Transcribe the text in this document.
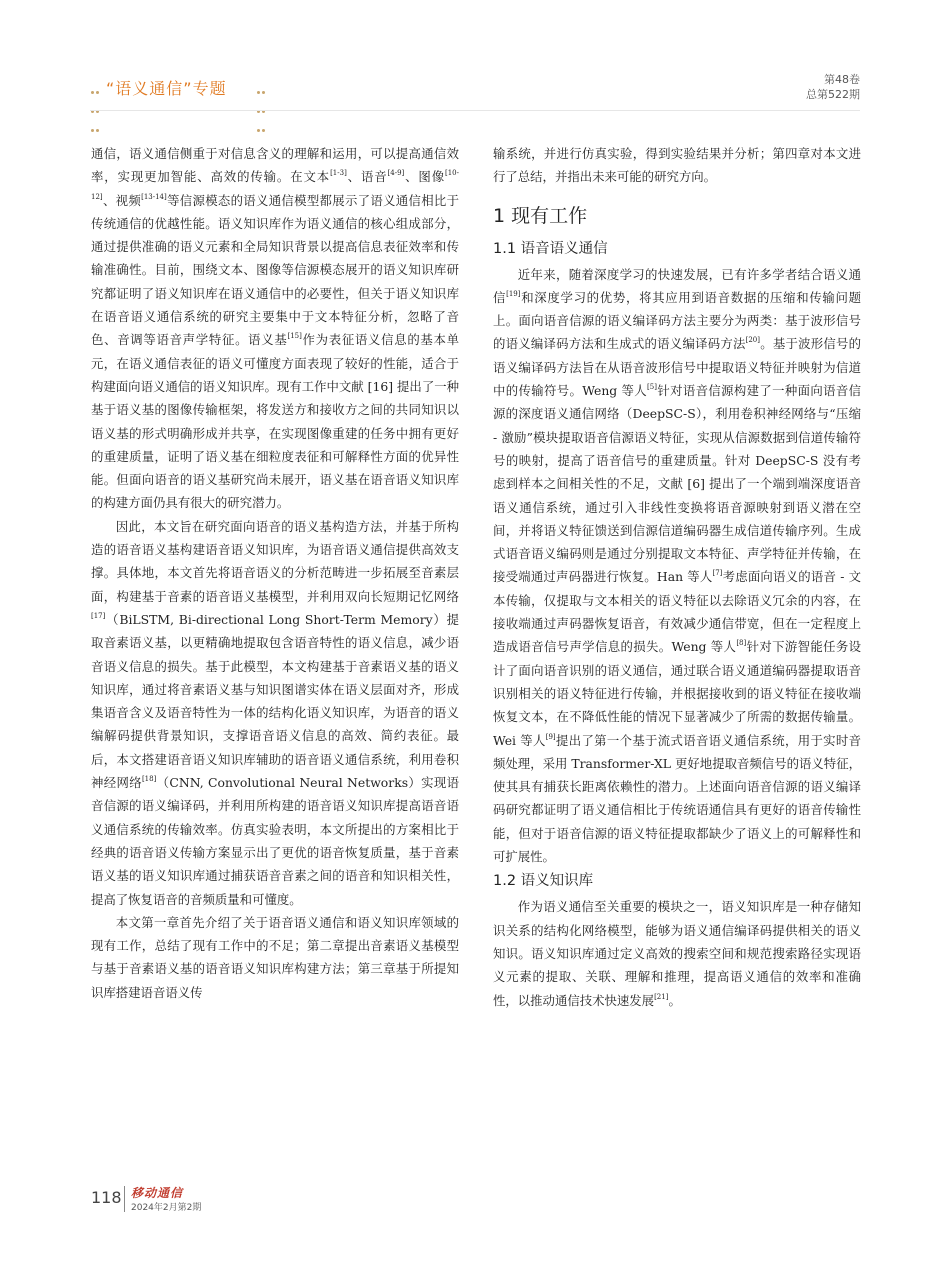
“语义通信”专题	第48卷
总第522期

通信，语义通信侧重于对信息含义的理解和运用，可以提高通信效率，实现更加智能、高效的传输。在文本[1-3]、语音[4-9]、图像[10-12]、视频[13-14]等信源模态的语义通信模型都展示了语义通信相比于传统通信的优越性能。语义知识库作为语义通信的核心组成部分，通过提供准确的语义元素和全局知识背景以提高信息表征效率和传输准确性。目前，围绕文本、图像等信源模态展开的语义知识库研究都证明了语义知识库在语义通信中的必要性，但关于语义知识库在语音语义通信系统的研究主要集中于文本特征分析，忽略了音色、音调等语音声学特征。语义基[15]作为表征语义信息的基本单元，在语义通信表征的语义可懂度方面表现了较好的性能，适合于构建面向语义通信的语义知识库。现有工作中文献 [16] 提出了一种基于语义基的图像传输框架，将发送方和接收方之间的共同知识以语义基的形式明确形成并共享，在实现图像重建的任务中拥有更好的重建质量，证明了语义基在细粒度表征和可解释性方面的优异性能。但面向语音的语义基研究尚未展开，语义基在语音语义知识库的构建方面仍具有很大的研究潜力。

因此，本文旨在研究面向语音的语义基构造方法，并基于所构造的语音语义基构建语音语义知识库，为语音语义通信提供高效支撑。具体地，本文首先将语音语义的分析范畴进一步拓展至音素层面，构建基于音素的语音语义基模型，并利用双向长短期记忆网络[17]（BiLSTM, Bi-directional Long Short-Term Memory）提取音素语义基，以更精确地提取包含语音特性的语义信息，减少语音语义信息的损失。基于此模型，本文构建基于音素语义基的语义知识库，通过将音素语义基与知识图谱实体在语义层面对齐，形成集语音含义及语音特性为一体的结构化语义知识库，为语音的语义编解码提供背景知识，支撑语音语义信息的高效、简约表征。最后，本文搭建语音语义知识库辅助的语音语义通信系统，利用卷积神经网络[18]（CNN, Convolutional Neural Networks）实现语音信源的语义编译码，并利用所构建的语音语义知识库提高语音语义通信系统的传输效率。仿真实验表明，本文所提出的方案相比于经典的语音语义传输方案显示出了更优的语音恢复质量，基于音素语义基的语义知识库通过捕获语音音素之间的语音和知识相关性，提高了恢复语音的音频质量和可懂度。

本文第一章首先介绍了关于语音语义通信和语义知识库领域的现有工作，总结了现有工作中的不足；第二章提出音素语义基模型与基于音素语义基的语音语义知识库构建方法；第三章基于所提知识库搭建语音语义传

输系统，并进行仿真实验，得到实验结果并分析；第四章对本文进行了总结，并指出未来可能的研究方向。

1 现有工作
1.1 语音语义通信

近年来，随着深度学习的快速发展，已有许多学者结合语义通信[19]和深度学习的优势，将其应用到语音数据的压缩和传输问题上。面向语音信源的语义编译码方法主要分为两类：基于波形信号的语义编译码方法和生成式的语义编译码方法[20]。基于波形信号的语义编译码方法旨在从语音波形信号中提取语义特征并映射为信道中的传输符号。Weng 等人[5]针对语音信源构建了一种面向语音信源的深度语义通信网络（DeepSC-S），利用卷积神经网络与“压缩 - 激励”模块提取语音信源语义特征，实现从信源数据到信道传输符号的映射，提高了语音信号的重建质量。针对 DeepSC-S 没有考虑到样本之间相关性的不足，文献 [6] 提出了一个端到端深度语音语义通信系统，通过引入非线性变换将语音源映射到语义潜在空间，并将语义特征馈送到信源信道编码器生成信道传输序列。生成式语音语义编码则是通过分别提取文本特征、声学特征并传输，在接受端通过声码器进行恢复。Han 等人[7]考虑面向语义的语音 - 文本传输，仅提取与文本相关的语义特征以去除语义冗余的内容，在接收端通过声码器恢复语音，有效减少通信带宽，但在一定程度上造成语音信号声学信息的损失。Weng 等人[8]针对下游智能任务设计了面向语音识别的语义通信，通过联合语义通道编码器提取语音识别相关的语义特征进行传输，并根据接收到的语义特征在接收端恢复文本，在不降低性能的情况下显著减少了所需的数据传输量。Wei 等人[9]提出了第一个基于流式语音语义通信系统，用于实时音频处理，采用 Transformer-XL 更好地提取音频信号的语义特征，使其具有捕获长距离依赖性的潜力。上述面向语音信源的语义编译码研究都证明了语义通信相比于传统语通信具有更好的语音传输性能，但对于语音信源的语义特征提取都缺少了语义上的可解释性和可扩展性。

1.2 语义知识库

作为语义通信至关重要的模块之一，语义知识库是一种存储知识关系的结构化网络模型，能够为语义通信编译码提供相关的语义知识。语义知识库通过定义高效的搜索空间和规范搜索路径实现语义元素的提取、关联、理解和推理，提高语义通信的效率和准确性，以推动通信技术快速发展[21]。

118 移动通信
2024年2月第2期
